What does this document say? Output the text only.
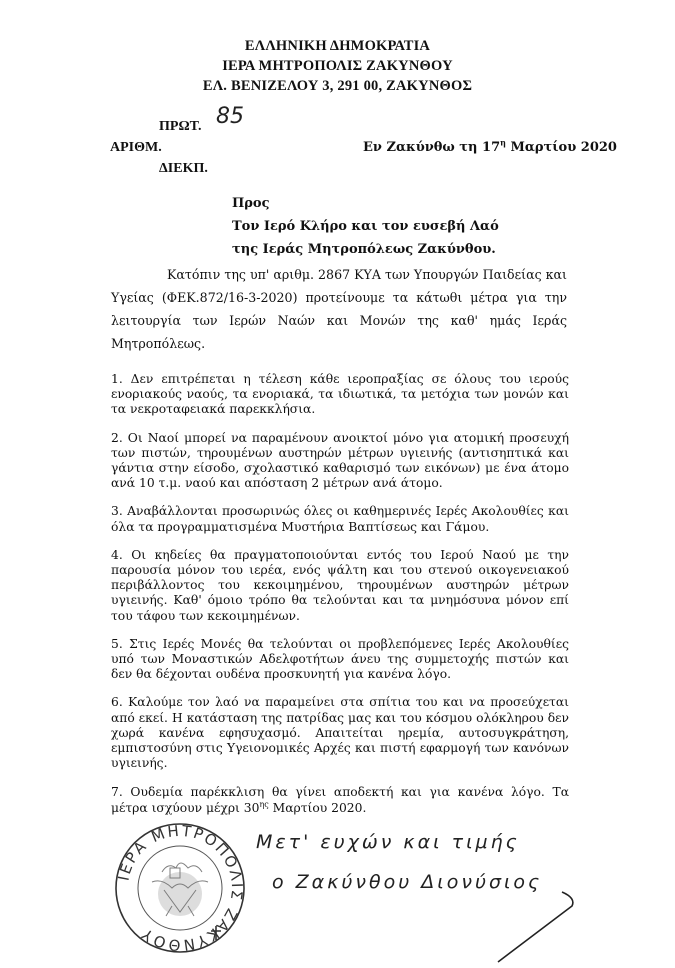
ΕΛΛΗΝΙΚΗ ΔΗΜΟΚΡΑΤΙΑ
ΙΕΡΑ ΜΗΤΡΟΠΟΛΙΣ ΖΑΚΥΝΘΟΥ
ΕΛ. ΒΕΝΙΖΕΛΟΥ 3, 291 00, ΖΑΚΥΝΘΟΣ
ΠΡΩΤ. 85
ΑΡΙΘΜ.	Εν Ζακύνθω τη $17^\eta$ Μαρτίου 2020
ΔΙΕΚΠ.
Προς
Τον Ιερό Κλήρο και τον ευσεβή Λαό
της Ιεράς Μητροπόλεως Ζακύνθου.

Κατόπιν της υπ' αριθμ. 2867 ΚΥΑ των Υπουργών Παιδείας και Υγείας (ΦΕΚ.872/16-3-2020) προτείνουμε τα κάτωθι μέτρα για την λειτουργία των Ιερών Ναών και Μονών της καθ' ημάς Ιεράς Μητροπόλεως.

1. Δεν επιτρέπεται η τέλεση κάθε ιεροπραξίας σε όλους του ιερούς ενοριακούς ναούς, τα ενοριακά, τα ιδιωτικά, τα μετόχια των μονών και τα νεκροταφειακά παρεκκλήσια.

2. Οι Ναοί μπορεί να παραμένουν ανοικτοί μόνο για ατομική προσευχή των πιστών, τηρουμένων αυστηρών μέτρων υγιεινής (αντισηπτικά και γάντια στην είσοδο, σχολαστικό καθαρισμό των εικόνων) με ένα άτομο ανά 10 τ.μ. ναού και απόσταση 2 μέτρων ανά άτομο.

3. Αναβάλλονται προσωρινώς όλες οι καθημερινές Ιερές Ακολουθίες και όλα τα προγραμματισμένα Μυστήρια Βαπτίσεως και Γάμου.

4. Οι κηδείες θα πραγματοποιούνται εντός του Ιερού Ναού με την παρουσία μόνον του ιερέα, ενός ψάλτη και του στενού οικογενειακού περιβάλλοντος του κεκοιμημένου, τηρουμένων αυστηρών μέτρων υγιεινής. Καθ' όμοιο τρόπο θα τελούνται και τα μνημόσυνα μόνον επί του τάφου των κεκοιμημένων.

5. Στις Ιερές Μονές θα τελούνται οι προβλεπόμενες Ιερές Ακολουθίες υπό των Μοναστικών Αδελφοτήτων άνευ της συμμετοχής πιστών και δεν θα δέχονται ουδένα προσκυνητή για κανένα λόγο.

6. Καλούμε τον λαό να παραμείνει στα σπίτια του και να προσεύχεται από εκεί. Η κατάσταση της πατρίδας μας και του κόσμου ολόκληρου δεν χωρά κανένα εφησυχασμό. Απαιτείται ηρεμία, αυτοσυγκράτηση, εμπιστοσύνη στις Υγειονομικές Αρχές και πιστή εφαρμογή των κανόνων υγιεινής.

7. Ουδεμία παρέκκλιση θα γίνει αποδεκτή και για κανένα λόγο. Τα μέτρα ισχύουν μέχρι $30^{\eta\varsigma}$ Μαρτίου 2020.

ΙΕΡΑ ΜΗΤΡΟΠΟΛΙΣ ΖΑΚΥΝΘΟΥ
Μετ' ευχών και τιμής
ο Ζακύνθου Διονύσιος
